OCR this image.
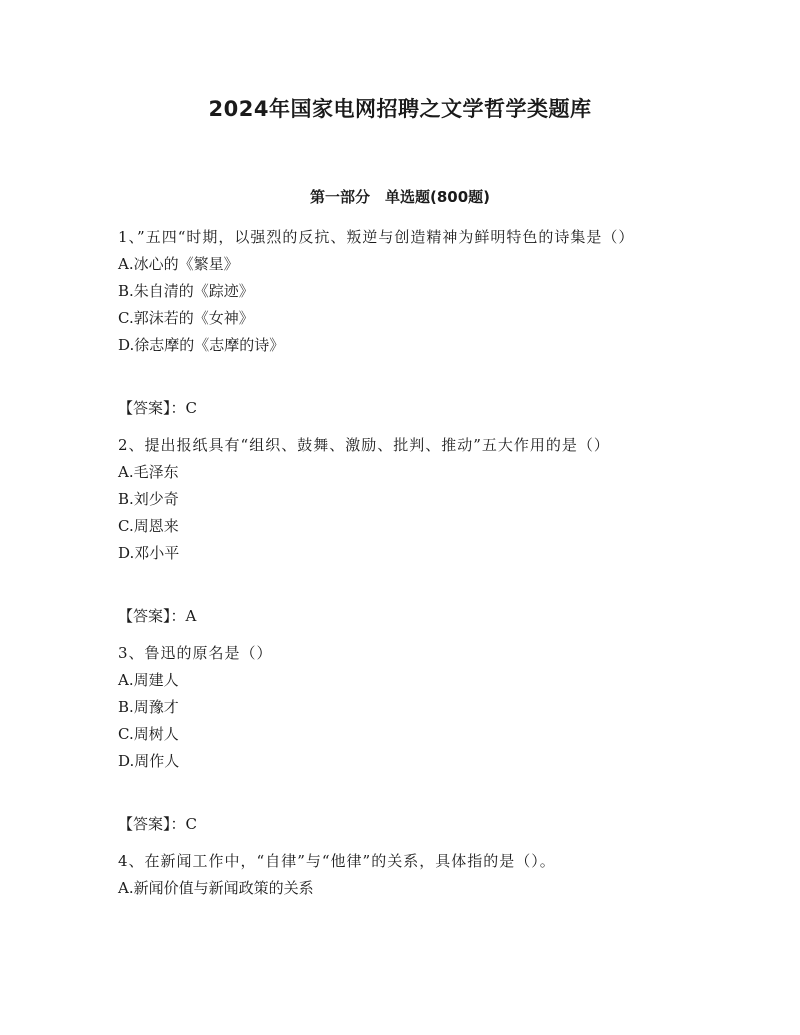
2024年国家电网招聘之文学哲学类题库
第一部分　单选题(800题)
1、”五四“时期，以强烈的反抗、叛逆与创造精神为鲜明特色的诗集是（）
A.冰心的《繁星》
B.朱自清的《踪迹》
C.郭沫若的《女神》
D.徐志摩的《志摩的诗》
【答案】：C
2、提出报纸具有“组织、鼓舞、激励、批判、推动”五大作用的是（）
A.毛泽东
B.刘少奇
C.周恩来
D.邓小平
【答案】：A
3、鲁迅的原名是（）
A.周建人
B.周豫才
C.周树人
D.周作人
【答案】：C
4、在新闻工作中，“自律”与“他律”的关系，具体指的是（）。
A.新闻价值与新闻政策的关系
